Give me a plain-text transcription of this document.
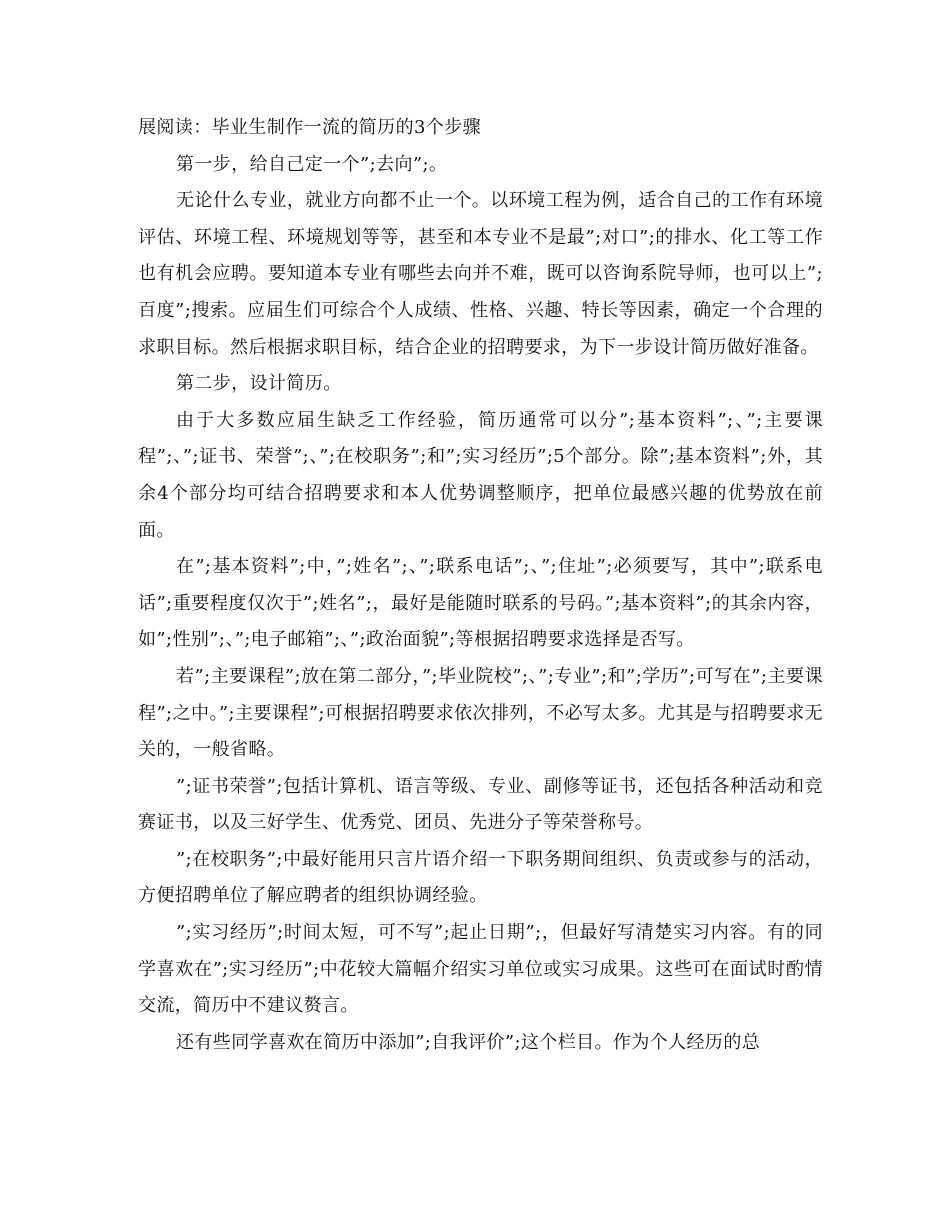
展阅读：毕业生制作一流的简历的3个步骤

第一步，给自己定一个”;去向”;。

无论什么专业，就业方向都不止一个。以环境工程为例，适合自己的工作有环境评估、环境工程、环境规划等等，甚至和本专业不是最”;对口”;的排水、化工等工作也有机会应聘。要知道本专业有哪些去向并不难，既可以咨询系院导师，也可以上”;百度”;搜索。应届生们可综合个人成绩、性格、兴趣、特长等因素，确定一个合理的求职目标。然后根据求职目标，结合企业的招聘要求，为下一步设计简历做好准备。

第二步，设计简历。

由于大多数应届生缺乏工作经验，简历通常可以分”;基本资料”;、”;主要课程”;、”;证书、荣誉”;、”;在校职务”;和”;实习经历”;5个部分。除”;基本资料”;外，其余4个部分均可结合招聘要求和本人优势调整顺序，把单位最感兴趣的优势放在前面。

在”;基本资料”;中，”;姓名”;、”;联系电话”;、”;住址”;必须要写，其中”;联系电话”;重要程度仅次于”;姓名”;，最好是能随时联系的号码。”;基本资料”;的其余内容，如”;性别”;、”;电子邮箱”;、”;政治面貌”;等根据招聘要求选择是否写。

若”;主要课程”;放在第二部分，”;毕业院校”;、”;专业”;和”;学历”;可写在”;主要课程”;之中。”;主要课程”;可根据招聘要求依次排列，不必写太多。尤其是与招聘要求无关的，一般省略。

”;证书荣誉”;包括计算机、语言等级、专业、副修等证书，还包括各种活动和竞赛证书，以及三好学生、优秀党、团员、先进分子等荣誉称号。

”;在校职务”;中最好能用只言片语介绍一下职务期间组织、负责或参与的活动，方便招聘单位了解应聘者的组织协调经验。

”;实习经历”;时间太短，可不写”;起止日期”;，但最好写清楚实习内容。有的同学喜欢在”;实习经历”;中花较大篇幅介绍实习单位或实习成果。这些可在面试时酌情交流，简历中不建议赘言。

还有些同学喜欢在简历中添加”;自我评价”;这个栏目。作为个人经历的总
